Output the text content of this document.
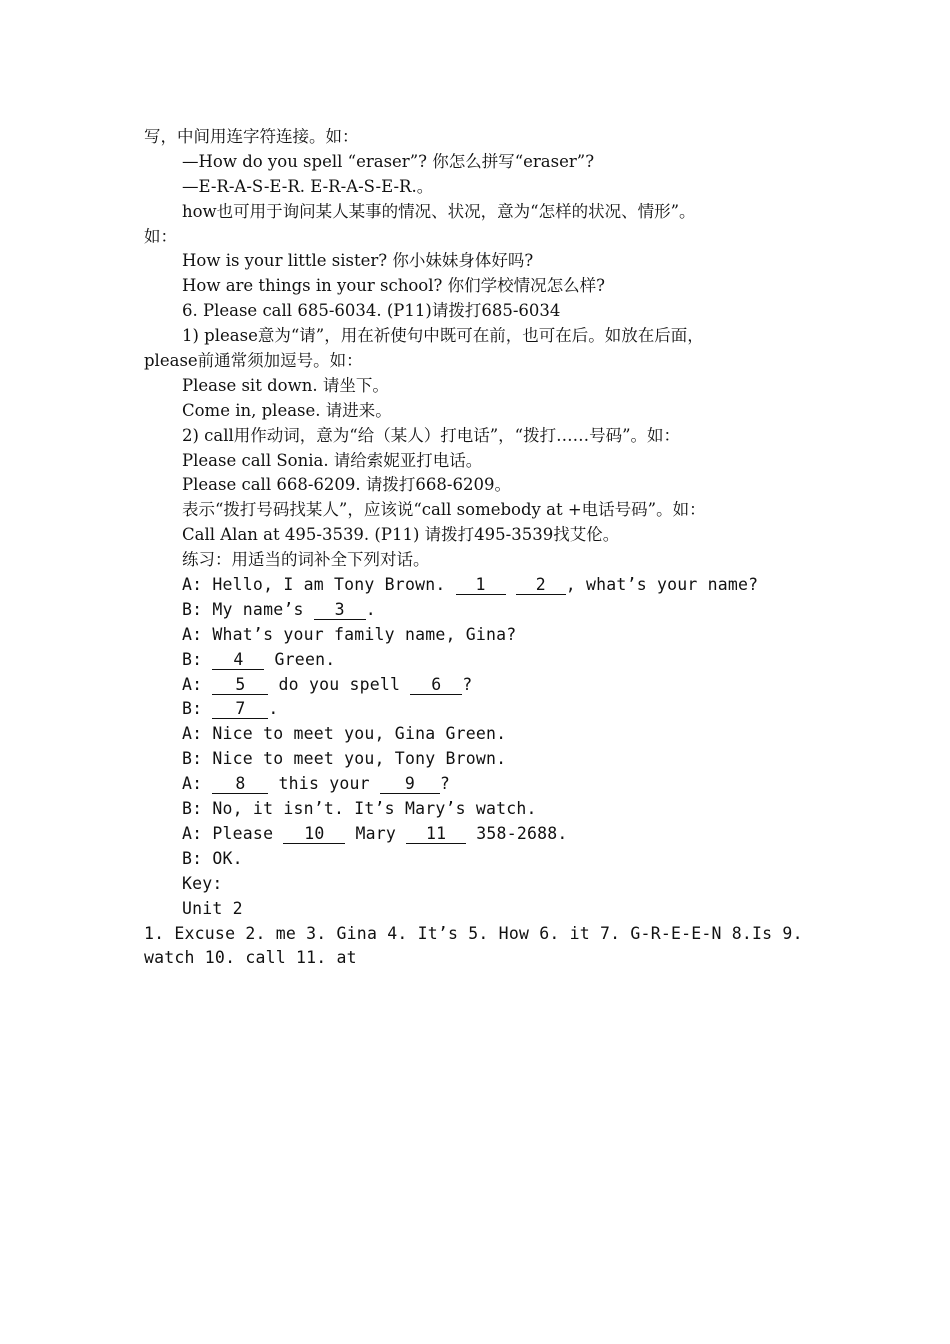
写，中间用连字符连接。如：
—How do you spell “eraser”? 你怎么拼写“eraser”?
—E-R-A-S-E-R. E-R-A-S-E-R.。
how也可用于询问某人某事的情况、状况，意为“怎样的状况、情形”。
如：
How is your little sister? 你小妹妹身体好吗?
How are things in your school? 你们学校情况怎么样?
6. Please call 685-6034. (P11)请拨打685-6034
1) please意为“请”，用在祈使句中既可在前，也可在后。如放在后面，
please前通常须加逗号。如：
Please sit down. 请坐下。
Come in, please. 请进来。
2) call用作动词，意为“给（某人）打电话”，“拨打……号码”。如：
Please call Sonia. 请给索妮亚打电话。
Please call 668-6209. 请拨打668-6209。
表示“拨打号码找某人”，应该说“call somebody at +电话号码”。如：
Call Alan at 495-3539. (P11) 请拨打495-3539找艾伦。
练习：用适当的词补全下列对话。
A: Hello, I am Tony Brown. 1	2 , what’s your name?
B: My name’s 3 .
A: What’s your family name, Gina?
B: 4 Green.
A: 5 do you spell 6 ?
B: 7 .
A: Nice to meet you, Gina Green.
B: Nice to meet you, Tony Brown.
A: 8 this your 9 ?
B: No, it isn’t. It’s Mary’s watch.
A: Please 10 Mary 11 358-2688.
B: OK.
Key:
Unit 2
1. Excuse 2. me 3. Gina 4. It’s 5. How 6. it 7. G-R-E-E-N 8.Is 9.
watch 10. call 11. at
